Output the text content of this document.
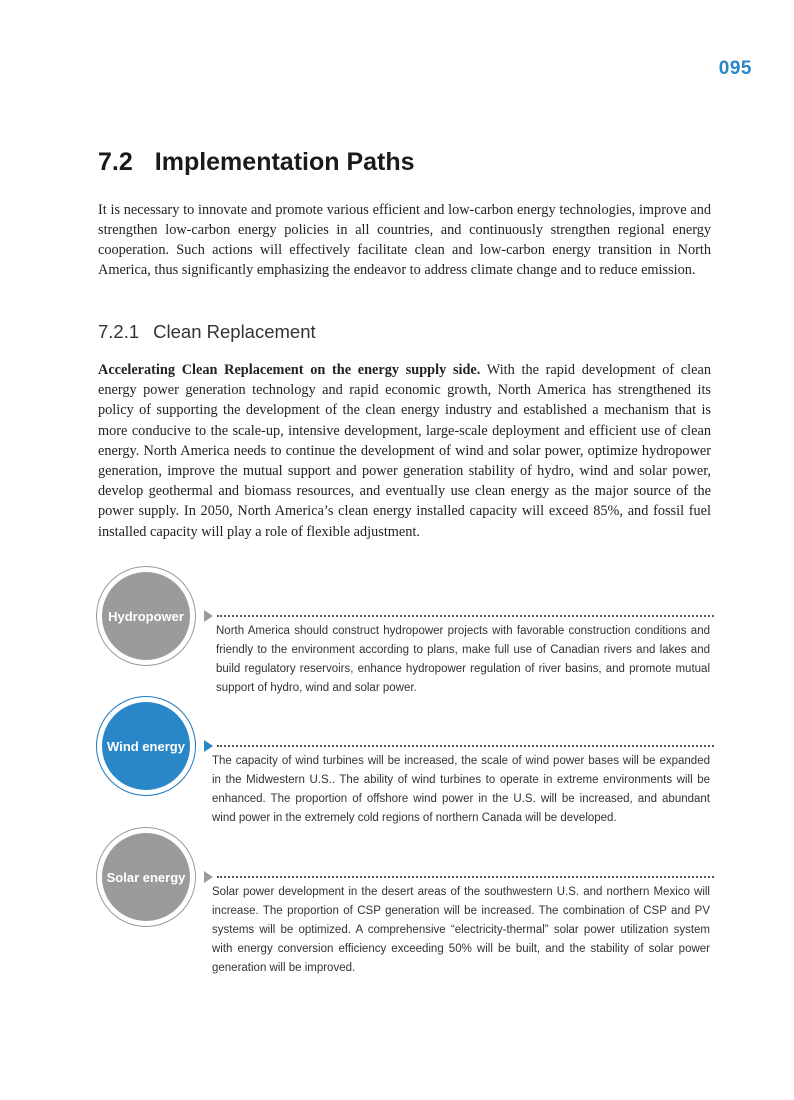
095
7.2 Implementation Paths

It is necessary to innovate and promote various efficient and low-carbon energy technologies, improve and strengthen low-carbon energy policies in all countries, and continuously strengthen regional energy cooperation. Such actions will effectively facilitate clean and low-carbon energy transition in North America, thus significantly emphasizing the endeavor to address climate change and to reduce emission.

7.2.1 Clean Replacement

Accelerating Clean Replacement on the energy supply side. With the rapid development of clean energy power generation technology and rapid economic growth, North America has strengthened its policy of supporting the development of the clean energy industry and established a mechanism that is more conducive to the scale-up, intensive development, large-scale deployment and efficient use of clean energy. North America needs to continue the development of wind and solar power, optimize hydropower generation, improve the mutual support and power generation stability of hydro, wind and solar power, develop geothermal and biomass resources, and eventually use clean energy as the major source of the power supply. In 2050, North America’s clean energy installed capacity will exceed 85%, and fossil fuel installed capacity will play a role of flexible adjustment.

Hydropower

North America should construct hydropower projects with favorable construction conditions and friendly to the environment according to plans, make full use of Canadian rivers and lakes and build regulatory reservoirs, enhance hydropower regulation of river basins, and promote mutual support of hydro, wind and solar power.

Wind energy

The capacity of wind turbines will be increased, the scale of wind power bases will be expanded in the Midwestern U.S.. The ability of wind turbines to operate in extreme environments will be enhanced. The proportion of offshore wind power in the U.S. will be increased, and abundant wind power in the extremely cold regions of northern Canada will be developed.

Solar energy

Solar power development in the desert areas of the southwestern U.S. and northern Mexico will increase. The proportion of CSP generation will be increased. The combination of CSP and PV systems will be optimized. A comprehensive “electricity-thermal” solar power utilization system with energy conversion efficiency exceeding 50% will be built, and the stability of solar power generation will be improved.
